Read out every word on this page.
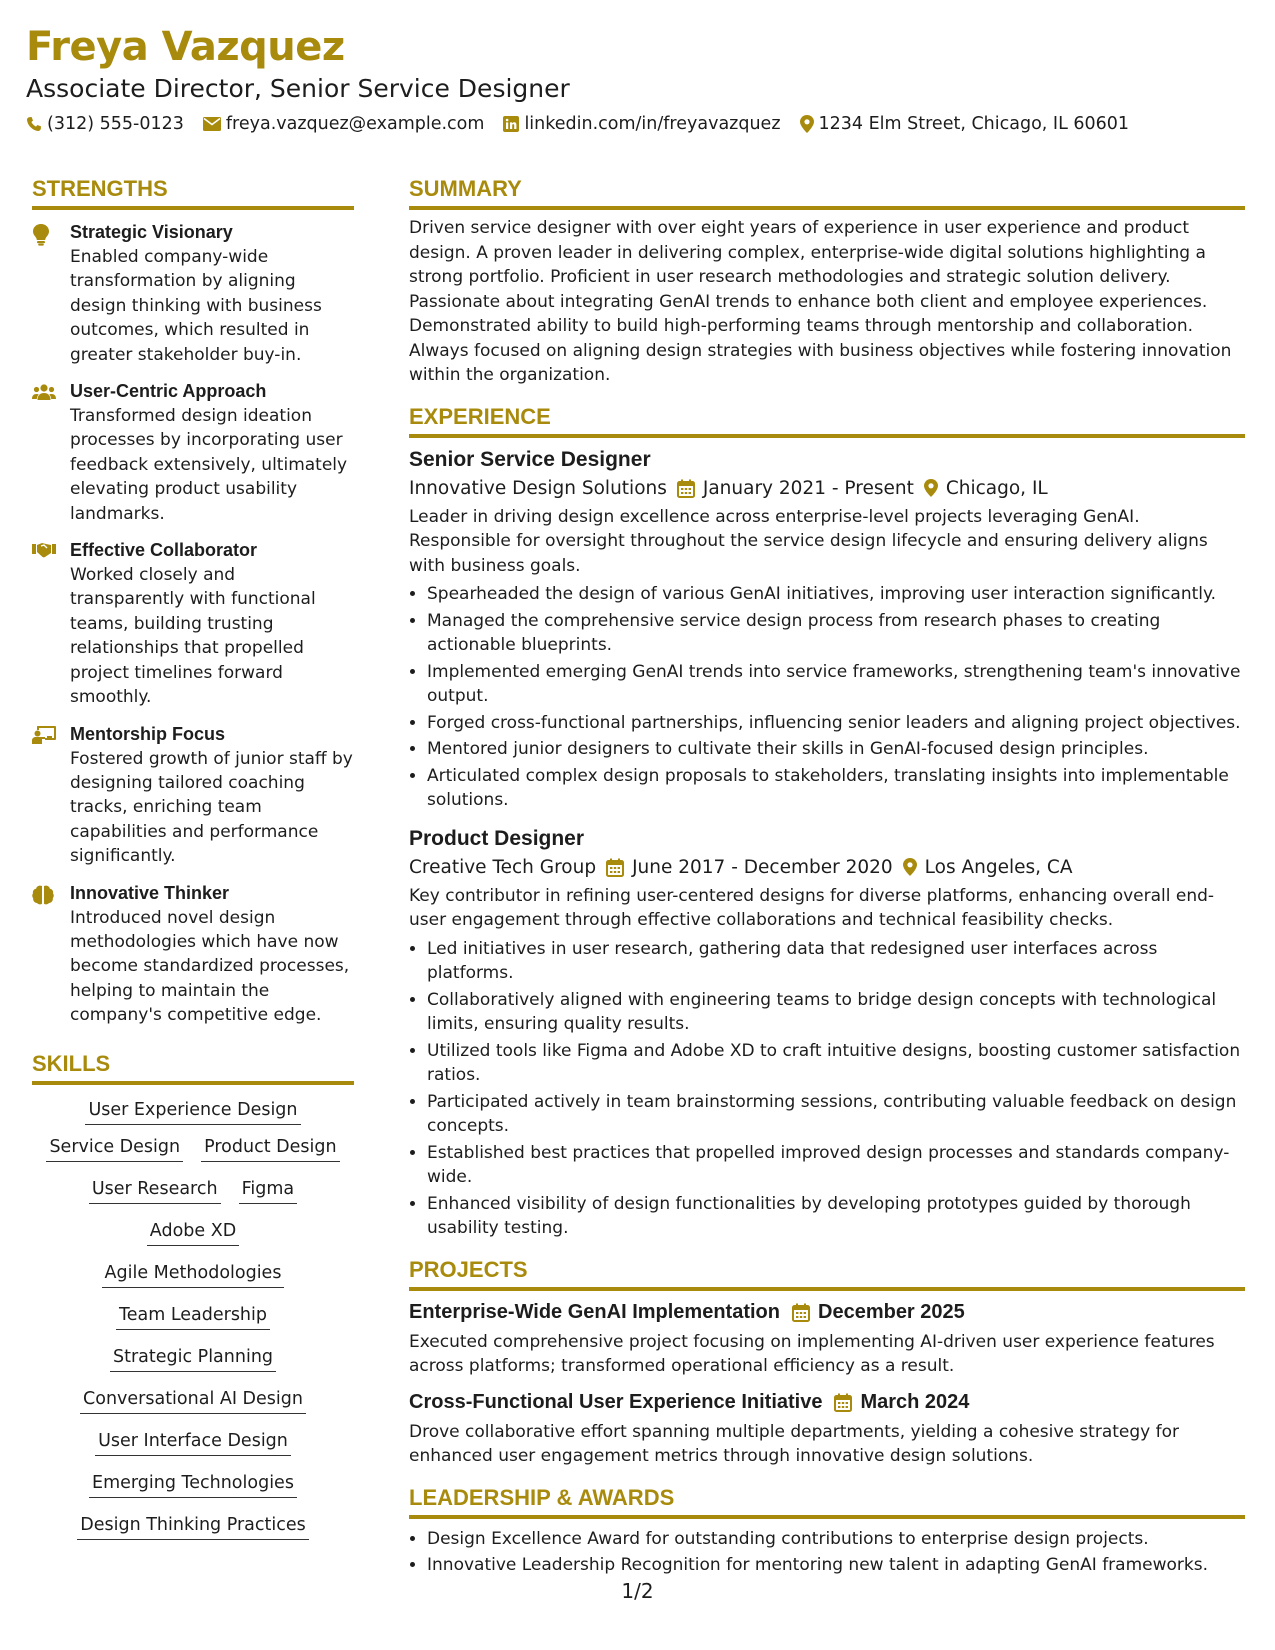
Freya Vazquez
Associate Director, Senior Service Designer
(312) 555-0123 freya.vazquez@example.com linkedin.com/in/freyavazquez 1234 Elm Street, Chicago, IL 60601
STRENGTHS

Strategic Visionary

Enabled company-wide transformation by aligning design thinking with business outcomes, which resulted in greater stakeholder buy-in.

User-Centric Approach

Transformed design ideation processes by incorporating user feedback extensively, ultimately elevating product usability landmarks.

Effective Collaborator

Worked closely and transparently with functional teams, building trusting relationships that propelled project timelines forward smoothly.

Mentorship Focus

Fostered growth of junior staff by designing tailored coaching tracks, enriching team capabilities and performance significantly.

Innovative Thinker

Introduced novel design methodologies which have now become standardized processes, helping to maintain the company's competitive edge.

SKILLS
User Experience Design
Service Design Product Design
User Research Figma
Adobe XD
Agile Methodologies
Team Leadership
Strategic Planning
Conversational AI Design
User Interface Design
Emerging Technologies
Design Thinking Practices
SUMMARY

Driven service designer with over eight years of experience in user experience and product design. A proven leader in delivering complex, enterprise-wide digital solutions highlighting a strong portfolio. Proficient in user research methodologies and strategic solution delivery. Passionate about integrating GenAI trends to enhance both client and employee experiences. Demonstrated ability to build high-performing teams through mentorship and collaboration. Always focused on aligning design strategies with business objectives while fostering innovation within the organization.

EXPERIENCE

Senior Service Designer

Innovative Design Solutions January 2021 - Present Chicago, IL

Leader in driving design excellence across enterprise-level projects leveraging GenAI. Responsible for oversight throughout the service design lifecycle and ensuring delivery aligns with business goals.

• Spearheaded the design of various GenAI initiatives, improving user interaction significantly.
• Managed the comprehensive service design process from research phases to creating actionable blueprints.
• Implemented emerging GenAI trends into service frameworks, strengthening team's innovative output.
• Forged cross-functional partnerships, influencing senior leaders and aligning project objectives.
• Mentored junior designers to cultivate their skills in GenAI-focused design principles.
• Articulated complex design proposals to stakeholders, translating insights into implementable solutions.

Product Designer

Creative Tech Group June 2017 - December 2020 Los Angeles, CA

Key contributor in refining user-centered designs for diverse platforms, enhancing overall end-user engagement through effective collaborations and technical feasibility checks.

• Led initiatives in user research, gathering data that redesigned user interfaces across platforms.
• Collaboratively aligned with engineering teams to bridge design concepts with technological limits, ensuring quality results.
• Utilized tools like Figma and Adobe XD to craft intuitive designs, boosting customer satisfaction ratios.
• Participated actively in team brainstorming sessions, contributing valuable feedback on design concepts.
• Established best practices that propelled improved design processes and standards company-wide.
• Enhanced visibility of design functionalities by developing prototypes guided by thorough usability testing.
PROJECTS
Enterprise-Wide GenAI Implementation December 2025

Executed comprehensive project focusing on implementing AI-driven user experience features across platforms; transformed operational efficiency as a result.

Cross-Functional User Experience Initiative March 2024

Drove collaborative effort spanning multiple departments, yielding a cohesive strategy for enhanced user engagement metrics through innovative design solutions.

LEADERSHIP & AWARDS
• Design Excellence Award for outstanding contributions to enterprise design projects.
• Innovative Leadership Recognition for mentoring new talent in adapting GenAI frameworks.
1/2
